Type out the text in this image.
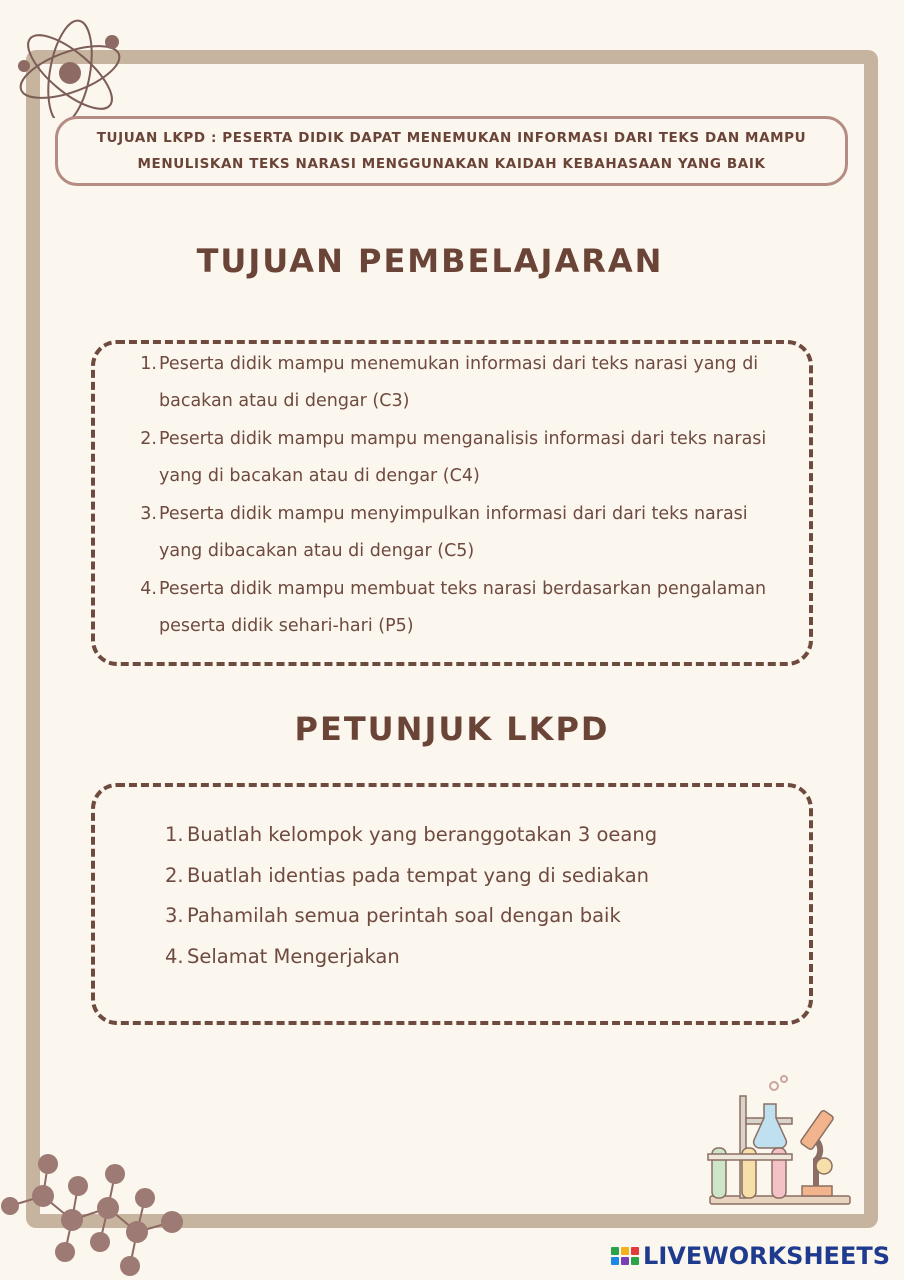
TUJUAN LKPD : PESERTA DIDIK DAPAT MENEMUKAN INFORMASI DARI TEKS DAN MAMPU MENULISKAN TEKS NARASI MENGGUNAKAN KAIDAH KEBAHASAAN YANG BAIK
TUJUAN PEMBELAJARAN
1. Peserta didik mampu menemukan informasi dari teks narasi yang di bacakan atau di dengar (C3)
2. Peserta didik mampu mampu menganalisis informasi dari teks narasi yang di bacakan atau di dengar (C4)
3. Peserta didik mampu menyimpulkan informasi dari dari teks narasi yang dibacakan atau di dengar (C5)
4. Peserta didik mampu membuat teks narasi berdasarkan pengalaman peserta didik sehari-hari (P5)
PETUNJUK LKPD
1. Buatlah kelompok yang beranggotakan 3 oeang
2. Buatlah identias pada tempat yang di sediakan
3. Pahamilah semua perintah soal dengan baik
4. Selamat Mengerjakan
LIVEWORKSHEETS
